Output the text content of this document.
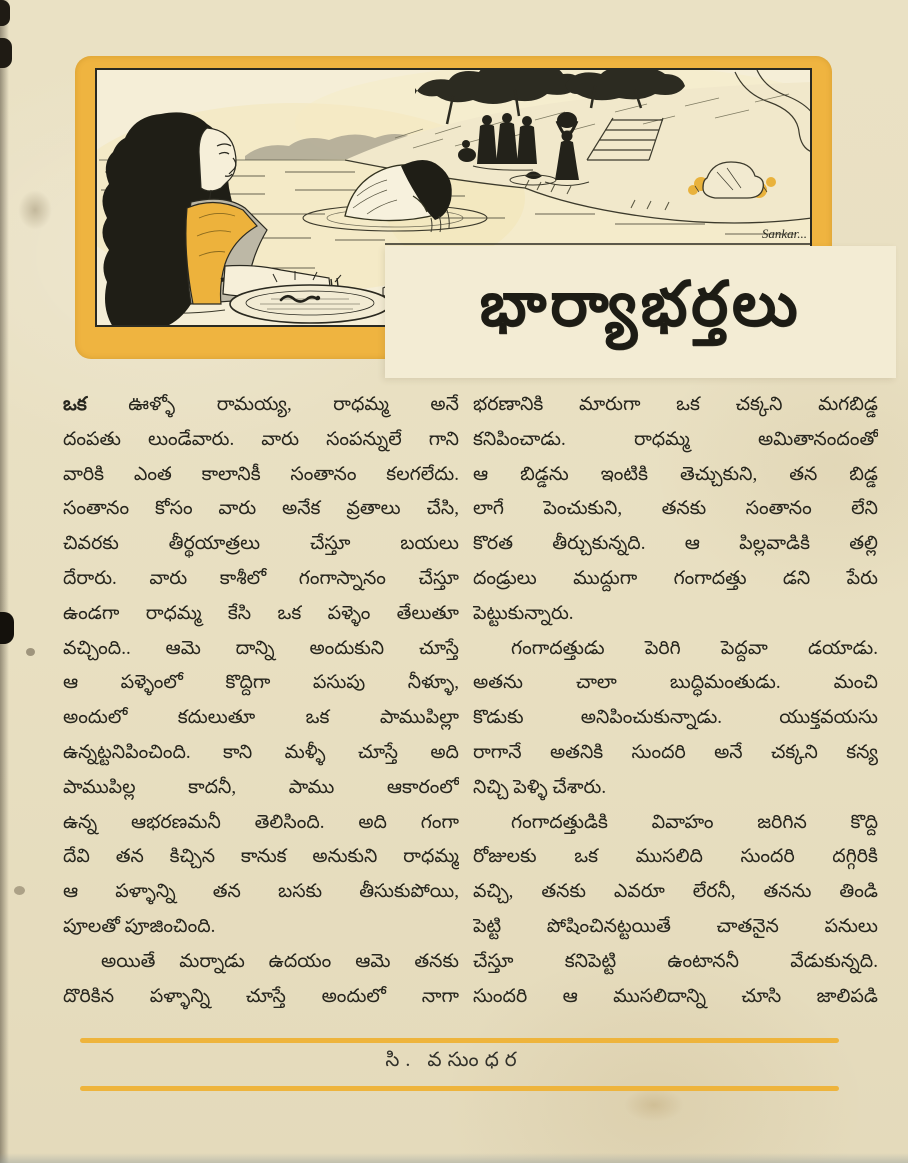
Sankar...
భార్యాభర్తలు
ఒక ఊళ్ళో రామయ్య, రాధమ్మ అనే
దంపతు లుండేవారు. వారు సంపన్నులే గాని
వారికి ఎంత కాలానికీ సంతానం కలగలేదు.
సంతానం కోసం వారు అనేక వ్రతాలు చేసి,
చివరకు	తీర్థయాత్రలు	చేస్తూ	బయలు
దేరారు. వారు కాశీలో గంగాస్నానం చేస్తూ
ఉండగా రాధమ్మ కేసి ఒక పళ్ళెం తేలుతూ
వచ్చింది.. ఆమె దాన్ని అందుకుని చూస్తే
ఆ పళ్ళెంలో కొద్దిగా పసుపు నీళ్ళూ,
అందులో	కదులుతూ	ఒక	పాముపిల్లా
ఉన్నట్టనిపించింది. కాని మళ్ళీ చూస్తే అది
పాముపిల్ల	కాదనీ,	పాము	ఆకారంలో
ఉన్న ఆభరణమనీ తెలిసింది. అది గంగా
దేవి తన కిచ్చిన కానుక అనుకుని రాధమ్మ
ఆ పళ్ళాన్ని తన బసకు తీసుకుపోయి,
పూలతో పూజించింది.
అయితే మర్నాడు ఉదయం ఆమె తనకు
దొరికిన పళ్ళాన్ని చూస్తే అందులో నాగా
భరణానికి మారుగా ఒక చక్కని మగబిడ్డ
కనిపించాడు.	రాధమ్మ	అమితానందంతో
ఆ బిడ్డను ఇంటికి తెచ్చుకుని, తన బిడ్డ
లాగే పెంచుకుని, తనకు సంతానం లేని
కొరత తీర్చుకున్నది. ఆ పిల్లవాడికి తల్లి
దండ్రులు ముద్దుగా గంగాదత్తు డని పేరు
పెట్టుకున్నారు.
గంగాదత్తుడు పెరిగి పెద్దవా డయాడు.
అతను	చాలా	బుద్ధిమంతుడు.	మంచి
కొడుకు	అనిపించుకున్నాడు.	యుక్తవయసు
రాగానే అతనికి సుందరి అనే చక్కని కన్య
నిచ్చి పెళ్ళి చేశారు.
గంగాదత్తుడికి వివాహం జరిగిన కొద్ది
రోజులకు ఒక ముసలిది సుందరి దగ్గిరికి
వచ్చి, తనకు ఎవరూ లేరనీ, తనను తిండి
పెట్టి పోషించినట్టయితే చాతనైన పనులు
చేస్తూ	కనిపెట్టి	ఉంటాననీ	వేడుకున్నది.
సుందరి ఆ ముసలిదాన్ని చూసి జాలిపడి
సి. వసుంధర
